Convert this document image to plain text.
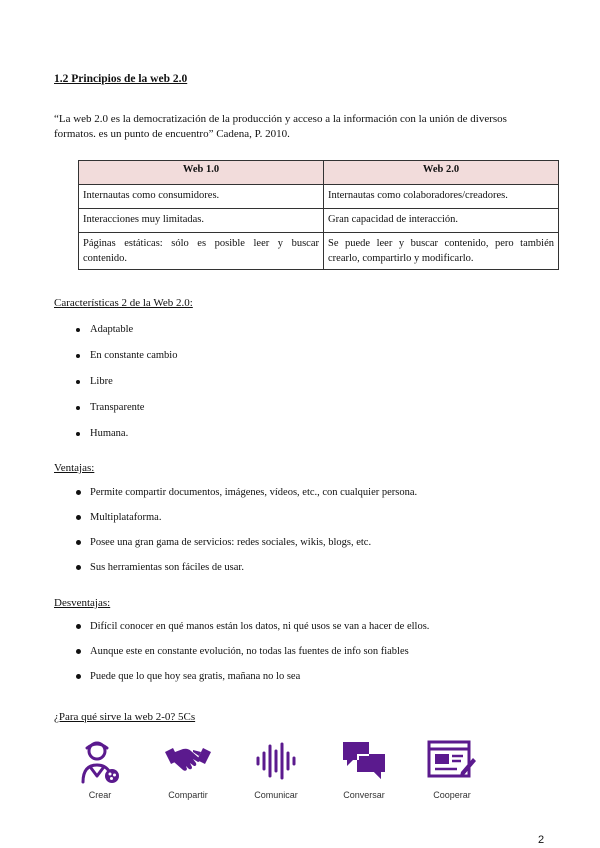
1.2 Principios de la web 2.0
“La web 2.0 es la democratización de la producción y acceso a la información con la unión de diversos formatos. es un punto de encuentro” Cadena, P. 2010.
Web 1.0	Web 2.0
Internautas como consumidores.	Internautas como colaboradores/creadores.
Interacciones muy limitadas.	Gran capacidad de interacción.
Páginas estáticas: sólo es posible leer y buscar contenido.	Se puede leer y buscar contenido, pero también crearlo, compartirlo y modificarlo.
Características 2 de la Web 2.0:
Adaptable
En constante cambio
Libre
Transparente
Humana.
Ventajas:
Permite compartir documentos, imágenes, vídeos, etc., con cualquier persona.
Multiplataforma.
Posee una gran gama de servicios: redes sociales, wikis, blogs, etc.
Sus herramientas son fáciles de usar.
Desventajas:
Difícil conocer en qué manos están los datos, ni qué usos se van a hacer de ellos.
Aunque este en constante evolución, no todas las fuentes de info son fiables
Puede que lo que hoy sea gratis, mañana no lo sea
¿Para qué sirve la web 2-0? 5Cs
Crear	Compartir	Comunicar	Conversar	Cooperar
2
